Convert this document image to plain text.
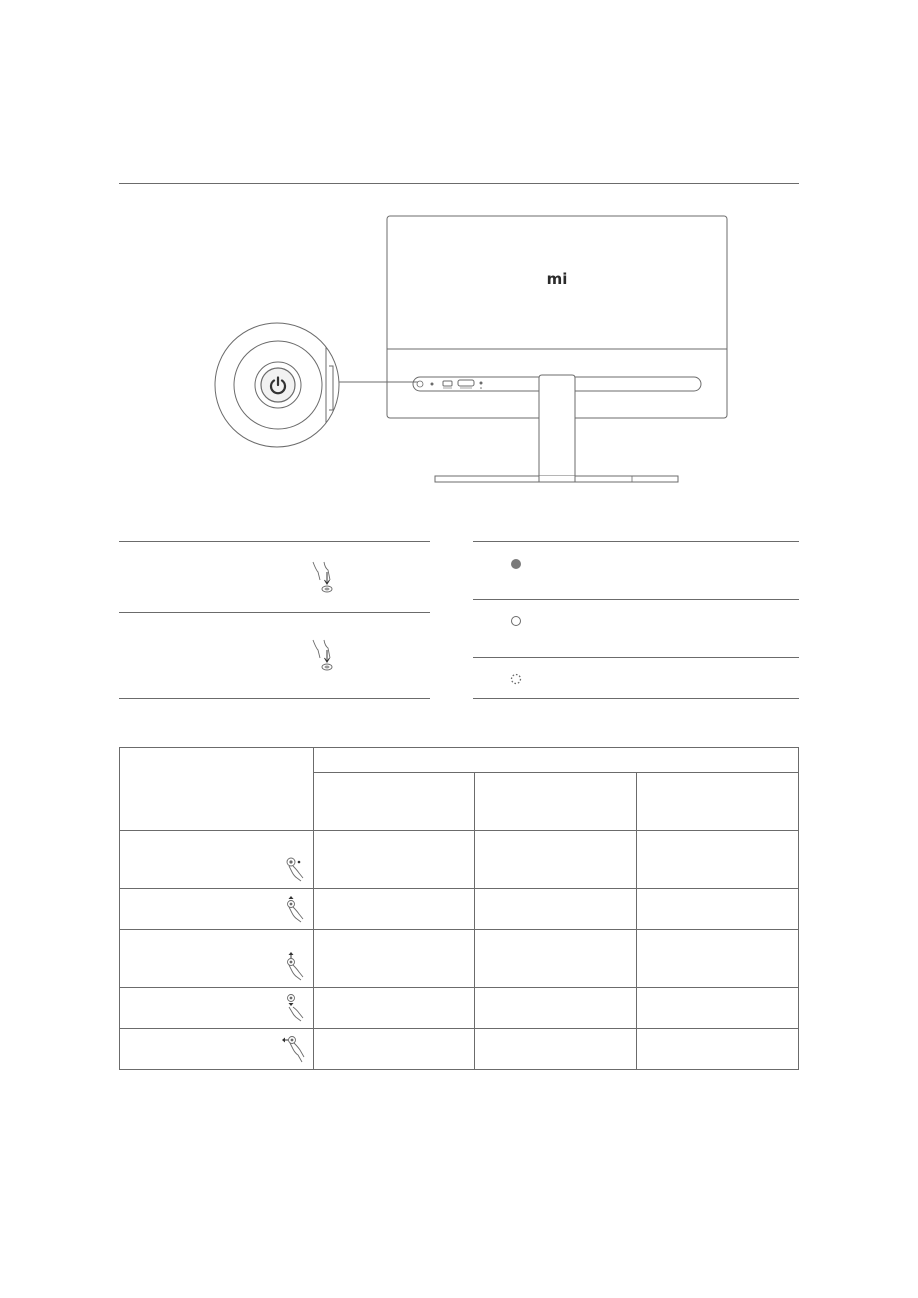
mi
